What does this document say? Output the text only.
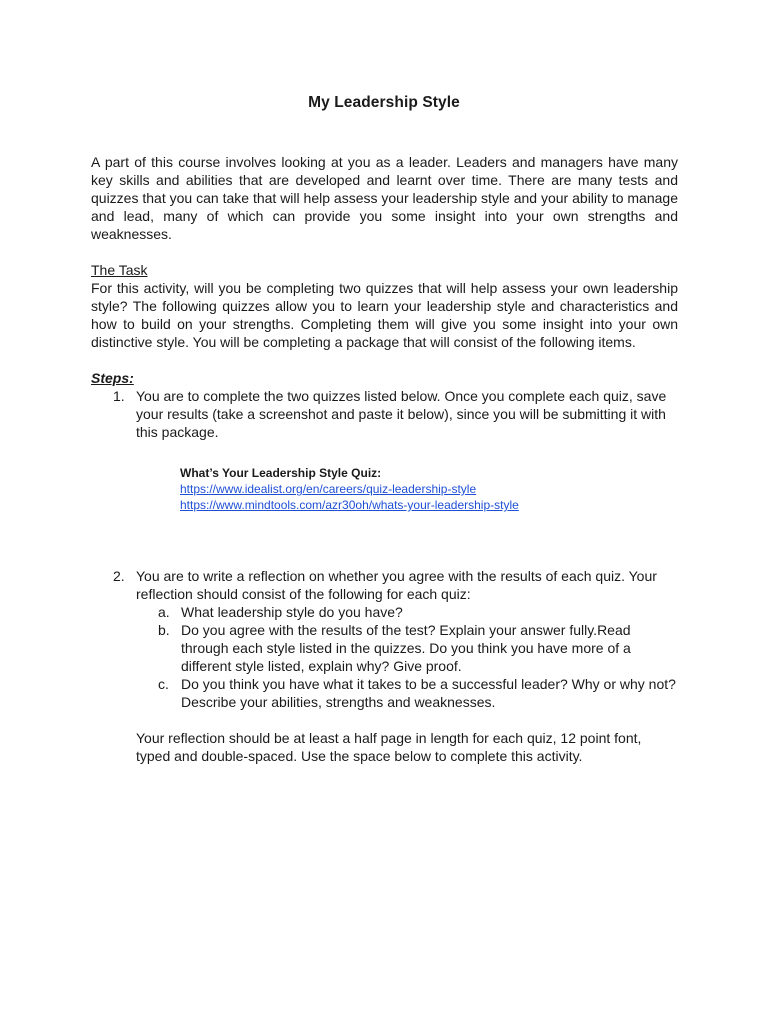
My Leadership Style

A part of this course involves looking at you as a leader. Leaders and managers have many key skills and abilities that are developed and learnt over time. There are many tests and quizzes that you can take that will help assess your leadership style and your ability to manage and lead, many of which can provide you some insight into your own strengths and weaknesses.

The Task

For this activity, will you be completing two quizzes that will help assess your own leadership style? The following quizzes allow you to learn your leadership style and characteristics and how to build on your strengths. Completing them will give you some insight into your own distinctive style. You will be completing a package that will consist of the following items.

Steps:

1. You are to complete the two quizzes listed below. Once you complete each quiz, save your results (take a screenshot and paste it below), since you will be submitting it with this package.
What’s Your Leadership Style Quiz:
https://www.idealist.org/en/careers/quiz-leadership-style
https://www.mindtools.com/azr30oh/whats-your-leadership-style
2. You are to write a reflection on whether you agree with the results of each quiz. Your reflection should consist of the following for each quiz:
a. What leadership style do you have?
b. Do you agree with the results of the test? Explain your answer fully.Read through each style listed in the quizzes. Do you think you have more of a different style listed, explain why? Give proof.
c. Do you think you have what it takes to be a successful leader? Why or why not? Describe your abilities, strengths and weaknesses.

Your reflection should be at least a half page in length for each quiz, 12 point font, typed and double-spaced. Use the space below to complete this activity.
